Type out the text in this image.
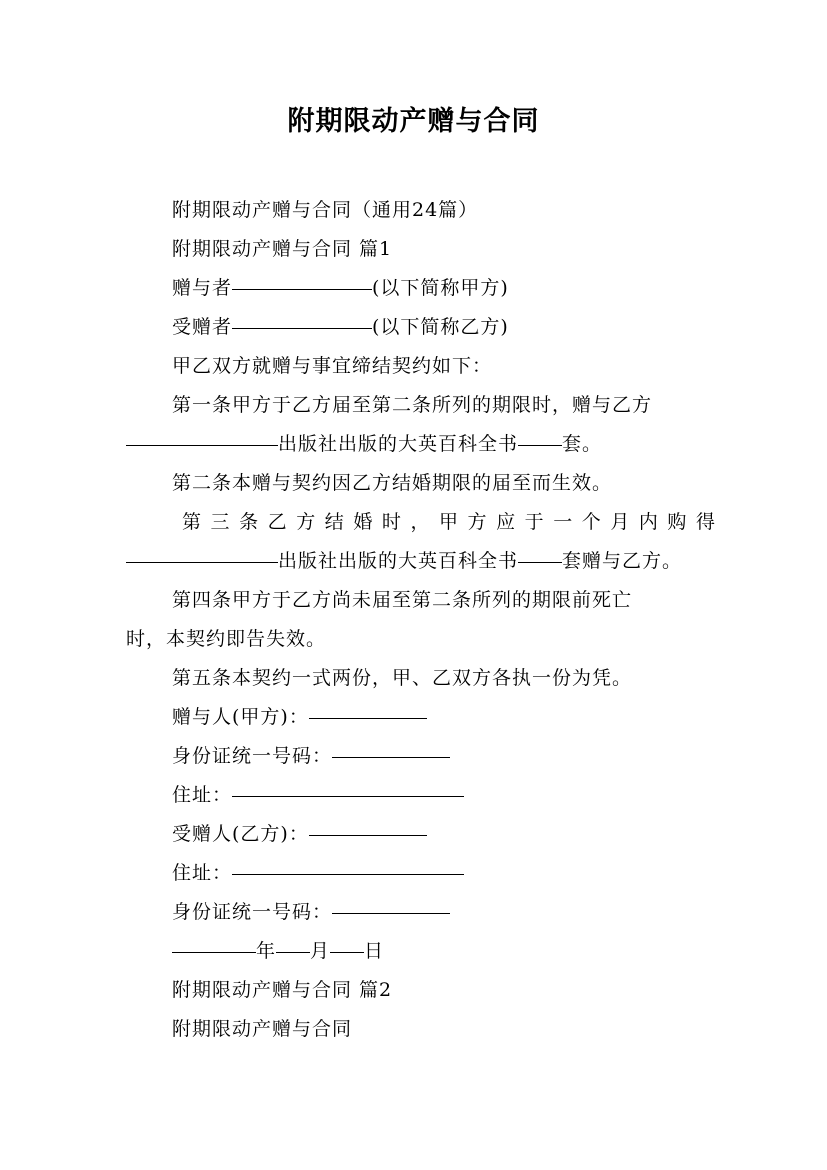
附期限动产赠与合同
附期限动产赠与合同（通用24篇）
附期限动产赠与合同 篇1
赠与者	(以下简称甲方)
受赠者	(以下简称乙方)
甲乙双方就赠与事宜缔结契约如下：
第一条甲方于乙方届至第二条所列的期限时，赠与乙方
出版社出版的大英百科全书 套。
第二条本赠与契约因乙方结婚期限的届至而生效。
第三条乙方结婚时，甲方应于一个月内购得
出版社出版的大英百科全书 套赠与乙方。
第四条甲方于乙方尚未届至第二条所列的期限前死亡
时，本契约即告失效。
第五条本契约一式两份，甲、乙双方各执一份为凭。
赠与人(甲方)：
身份证统一号码：
住址：
受赠人(乙方)：
住址：
身份证统一号码：
年 月 日
附期限动产赠与合同 篇2
附期限动产赠与合同
